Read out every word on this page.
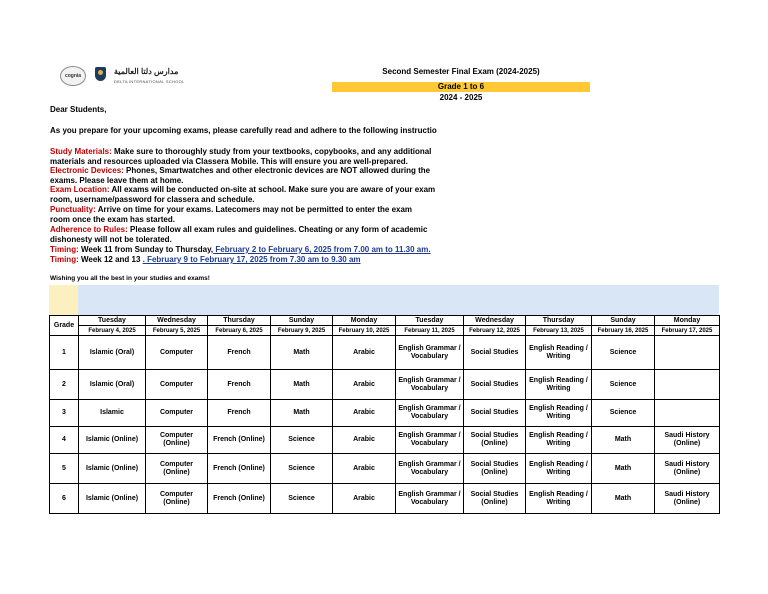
cognia	مدارس دلتا العالمية
DELTA INTERNATIONAL SCHOOL
Second Semester Final Exam (2024-2025)
Grade 1 to 6
2024 - 2025
Dear Students,
As you prepare for your upcoming exams, please carefully read and adhere to the following instructio
Study Materials: Make sure to thoroughly study from your textbooks, copybooks, and any additional
materials and resources uploaded via Classera Mobile. This will ensure you are well-prepared.
Electronic Devices: Phones, Smartwatches and other electronic devices are NOT allowed during the
exams. Please leave them at home.
Exam Location: All exams will be conducted on-site at school. Make sure you are aware of your exam
room, username/password for classera and schedule.
Punctuality: Arrive on time for your exams. Latecomers may not be permitted to enter the exam
room once the exam has started.
Adherence to Rules: Please follow all exam rules and guidelines. Cheating or any form of academic
dishonesty will not be tolerated.
Timing: Week 11 from Sunday to Thursday, February 2 to February 6, 2025 from 7.00 am to 11.30 am.
Timing: Week 12 and 13 . February 9 to February 17, 2025 from 7.30 am to 9.30 am
Wishing you all the best in your studies and exams!
Grade	Tuesday	Wednesday	Thursday	Sunday	Monday	Tuesday	Wednesday	Thursday	Sunday	Monday
	February 4, 2025	February 5, 2025	February 6, 2025	February 9, 2025	February 10, 2025	February 11, 2025	February 12, 2025	February 13, 2025	February 16, 2025	February 17, 2025
1	Islamic (Oral)	Computer	French	Math	Arabic	English Grammar / Vocabulary	Social Studies	English Reading / Writing	Science	
2	Islamic (Oral)	Computer	French	Math	Arabic	English Grammar / Vocabulary	Social Studies	English Reading / Writing	Science	
3	Islamic	Computer	French	Math	Arabic	English Grammar / Vocabulary	Social Studies	English Reading / Writing	Science	
4	Islamic (Online)	Computer (Online)	French (Online)	Science	Arabic	English Grammar / Vocabulary	Social Studies (Online)	English Reading / Writing	Math	Saudi History (Online)
5	Islamic (Online)	Computer (Online)	French (Online)	Science	Arabic	English Grammar / Vocabulary	Social Studies (Online)	English Reading / Writing	Math	Saudi History (Online)
6	Islamic (Online)	Computer (Online)	French (Online)	Science	Arabic	English Grammar / Vocabulary	Social Studies (Online)	English Reading / Writing	Math	Saudi History (Online)
